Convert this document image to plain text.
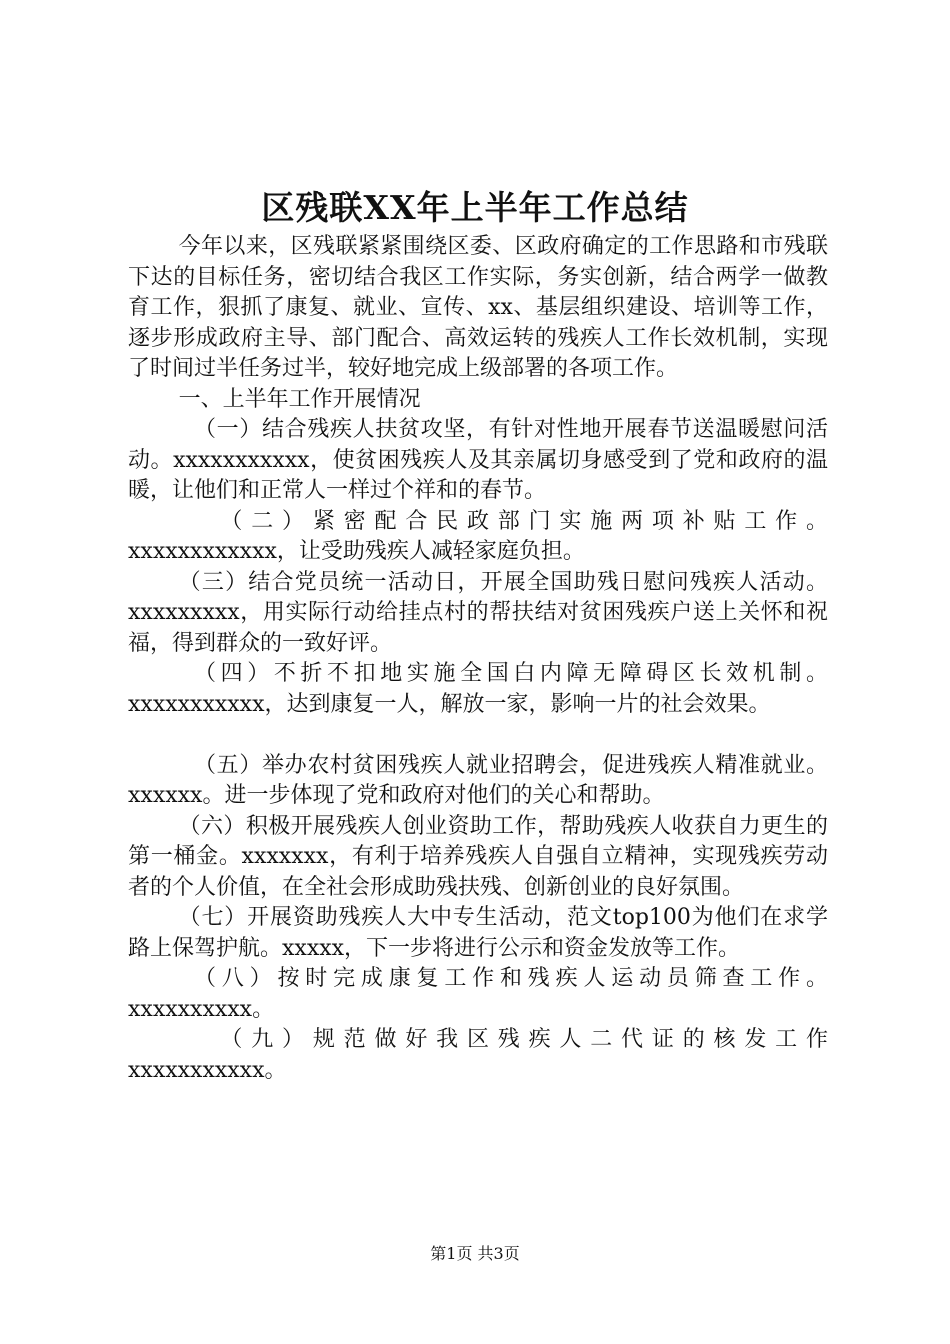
区残联XX年上半年工作总结

今年以来，区残联紧紧围绕区委、区政府确定的工作思路和市残联下达的目标任务，密切结合我区工作实际，务实创新，结合两学一做教育工作，狠抓了康复、就业、宣传、xx、基层组织建设、培训等工作，逐步形成政府主导、部门配合、高效运转的残疾人工作长效机制，实现了时间过半任务过半，较好地完成上级部署的各项工作。

一、上半年工作开展情况

（一）结合残疾人扶贫攻坚，有针对性地开展春节送温暖慰问活动。xxxxxxxxxxx，使贫困残疾人及其亲属切身感受到了党和政府的温暖，让他们和正常人一样过个祥和的春节。

（二）紧密配合民政部门实施两项补贴工作。

xxxxxxxxxxxx，让受助残疾人减轻家庭负担。

（三）结合党员统一活动日，开展全国助残日慰问残疾人活动。xxxxxxxxx，用实际行动给挂点村的帮扶结对贫困残疾户送上关怀和祝福，得到群众的一致好评。

（四）不折不扣地实施全国白内障无障碍区长效机制。

xxxxxxxxxxx，达到康复一人，解放一家，影响一片的社会效果。

（五）举办农村贫困残疾人就业招聘会，促进残疾人精准就业。xxxxxx。进一步体现了党和政府对他们的关心和帮助。

（六）积极开展残疾人创业资助工作，帮助残疾人收获自力更生的第一桶金。xxxxxxx，有利于培养残疾人自强自立精神，实现残疾劳动者的个人价值，在全社会形成助残扶残、创新创业的良好氛围。

（七）开展资助残疾人大中专生活动，范文top100为他们在求学路上保驾护航。xxxxx，下一步将进行公示和资金发放等工作。

（八）按时完成康复工作和残疾人运动员筛查工作。

xxxxxxxxxx。

（九）规范做好我区残疾人二代证的核发工作

xxxxxxxxxxx。

第1页 共3页
